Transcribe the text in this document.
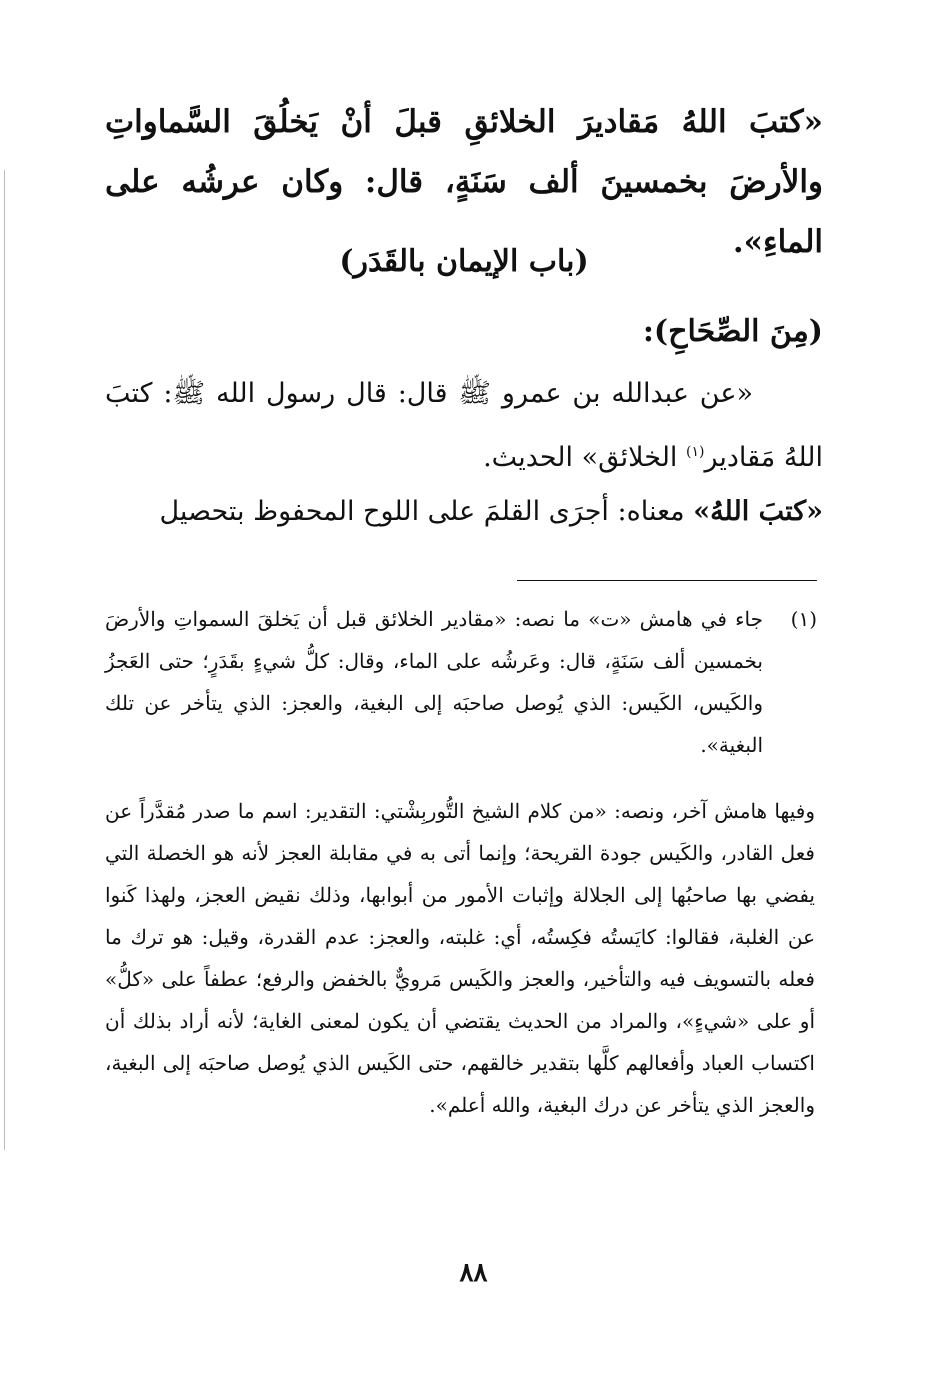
«كتبَ اللهُ مَقاديرَ الخلائقِ قبلَ أنْ يَخلُقَ السَّماواتِ والأرضَ بخمسينَ ألف سَنَةٍ، قال: وكان عرشُه على الماءِ».

(باب الإيمان بالقَدَر)
(مِنَ الصِّحَاحِ):

«عن عبدالله بن عمرو ﷺ قال: قال رسول الله ﷺ: كتبَ اللهُ مَقادير$^{(١)}$ الخلائق» الحديث.

«كتبَ اللهُ» معناه: أجرَى القلمَ على اللوح المحفوظ بتحصيل

(١)
جاء في هامش «ت» ما نصه: «مقادير الخلائق قبل أن يَخلقَ السمواتِ والأرضَ بخمسين ألف سَنَةٍ، قال: وعَرشُه على الماء، وقال: كلُّ شيءٍ بقَدَرٍ؛ حتى العَجزُ والكَيس، الكَيس: الذي يُوصل صاحبَه إلى البغية، والعجز: الذي يتأخر عن تلك البغية».
وفيها هامش آخر، ونصه: «من كلام الشيخ التُّوربِشْتي: التقدير: اسم ما صدر مُقدَّراً عن فعل القادر، والكَيس جودة القريحة؛ وإنما أتى به في مقابلة العجز لأنه هو الخصلة التي يفضي بها صاحبُها إلى الجلالة وإثبات الأمور من أبوابها، وذلك نقيض العجز، ولهذا كَنوا عن الغلبة، فقالوا: كايَستُه فكِستُه، أي: غلبته، والعجز: عدم القدرة، وقيل: هو ترك ما فعله بالتسويف فيه والتأخير، والعجز والكَيس مَرويٌّ بالخفض والرفع؛ عطفاً على «كلُّ» أو على «شيءٍ»، والمراد من الحديث يقتضي أن يكون لمعنى الغاية؛ لأنه أراد بذلك أن اكتساب العباد وأفعالهم كلَّها بتقدير خالقهم، حتى الكَيس الذي يُوصل صاحبَه إلى البغية، والعجز الذي يتأخر عن درك البغية، والله أعلم».
٨٨
